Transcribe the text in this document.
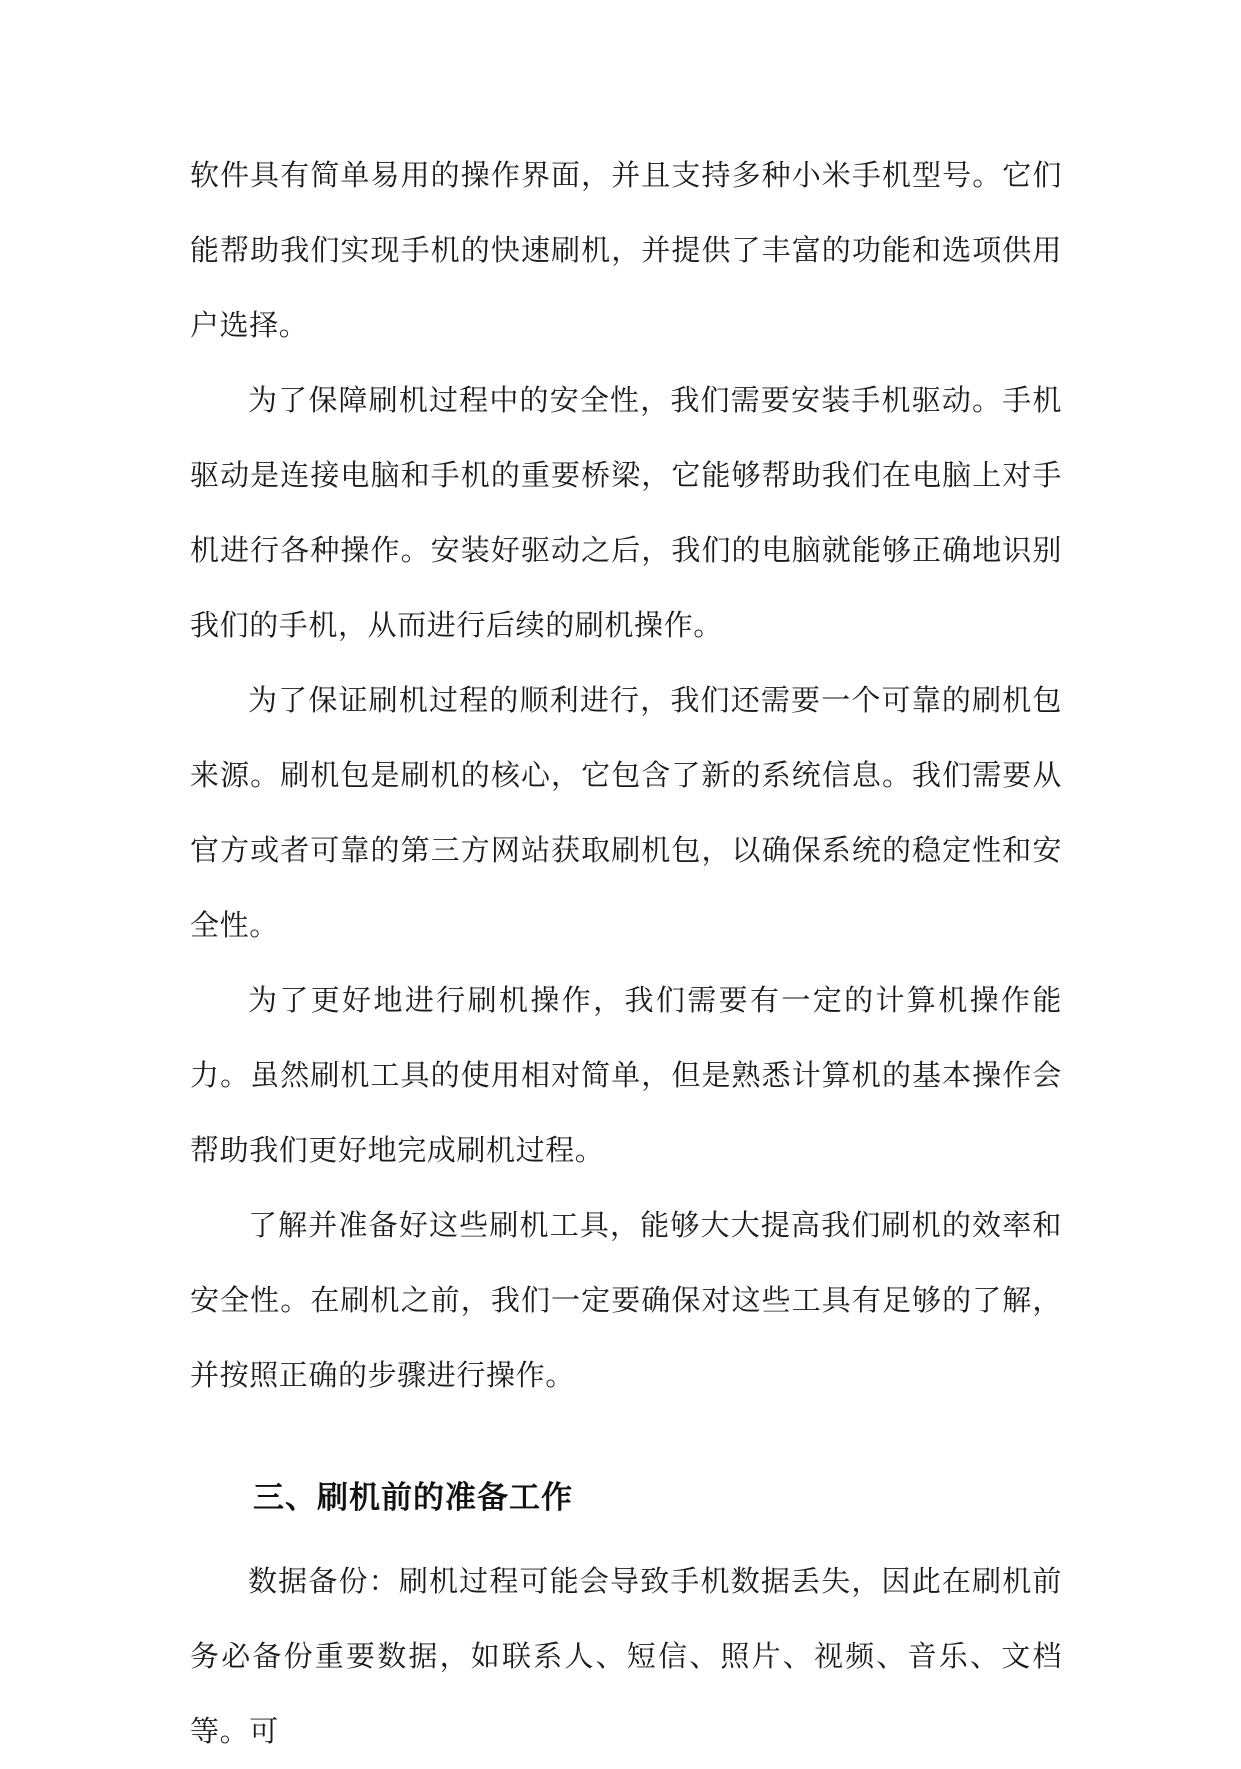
软件具有简单易用的操作界面，并且支持多种小米手机型号。它们能帮助我们实现手机的快速刷机，并提供了丰富的功能和选项供用户选择。

为了保障刷机过程中的安全性，我们需要安装手机驱动。手机驱动是连接电脑和手机的重要桥梁，它能够帮助我们在电脑上对手机进行各种操作。安装好驱动之后，我们的电脑就能够正确地识别我们的手机，从而进行后续的刷机操作。

为了保证刷机过程的顺利进行，我们还需要一个可靠的刷机包来源。刷机包是刷机的核心，它包含了新的系统信息。我们需要从官方或者可靠的第三方网站获取刷机包，以确保系统的稳定性和安全性。

为了更好地进行刷机操作，我们需要有一定的计算机操作能力。虽然刷机工具的使用相对简单，但是熟悉计算机的基本操作会帮助我们更好地完成刷机过程。

了解并准备好这些刷机工具，能够大大提高我们刷机的效率和安全性。在刷机之前，我们一定要确保对这些工具有足够的了解，并按照正确的步骤进行操作。

三、刷机前的准备工作

数据备份：刷机过程可能会导致手机数据丢失，因此在刷机前务必备份重要数据，如联系人、短信、照片、视频、音乐、文档等。可
